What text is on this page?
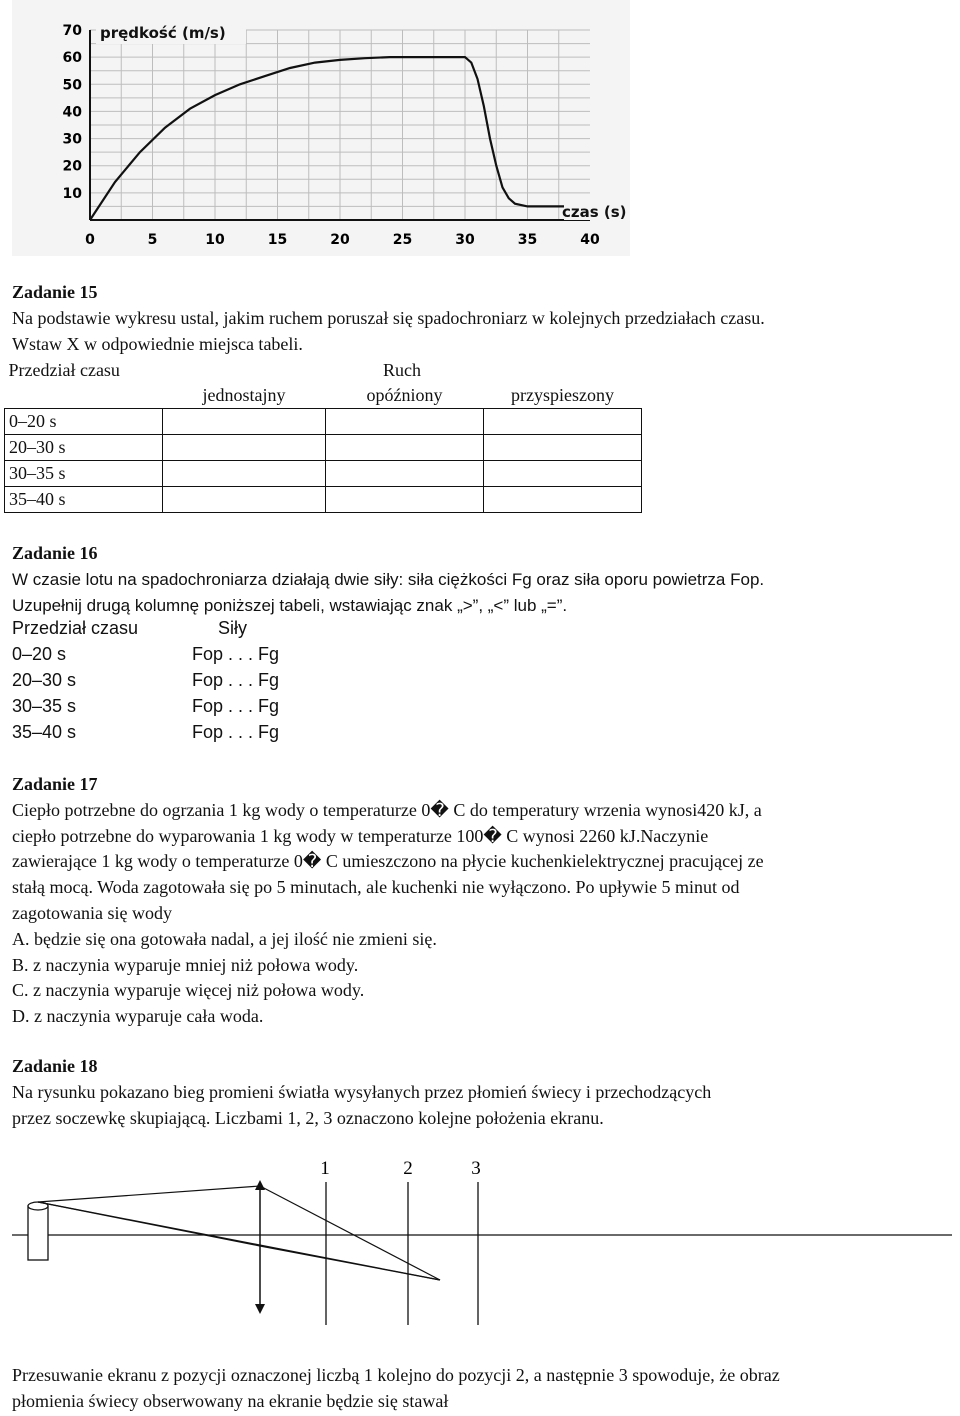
0	5	10	15	20	25	30	35	40
10
20
30
40
50
60
70 prędkość (m/s)
czas (s)
Zadanie 15
Na podstawie wykresu ustal, jakim ruchem poruszał się spadochroniarz w kolejnych przedziałach czasu.
Wstaw X w odpowiednie miejsca tabeli.
Przedział czasu	Ruch		
	jednostajny	opóźniony	przyspieszony
0–20 s			
20–30 s			
30–35 s			
35–40 s			
Zadanie 16
W czasie lotu na spadochroniarza działają dwie siły: siła ciężkości Fg oraz siła oporu powietrza Fop.
Uzupełnij drugą kolumnę poniższej tabeli, wstawiając znak „>”, „<” lub „=”.
Przedział czasu	Siły
0–20 s	Fop . . . Fg
20–30 s	Fop . . . Fg
30–35 s	Fop . . . Fg
35–40 s	Fop . . . Fg
Zadanie 17
Ciepło potrzebne do ogrzania 1 kg wody o temperaturze 0� C do temperatury wrzenia wynosi420 kJ, a
ciepło potrzebne do wyparowania 1 kg wody w temperaturze 100� C wynosi 2260 kJ.Naczynie
zawierające 1 kg wody o temperaturze 0� C umieszczono na płycie kuchenkielektrycznej pracującej ze
stałą mocą. Woda zagotowała się po 5 minutach, ale kuchenki nie wyłączono. Po upływie 5 minut od
zagotowania się wody
A. będzie się ona gotowała nadal, a jej ilość nie zmieni się.
B. z naczynia wyparuje mniej niż połowa wody.
C. z naczynia wyparuje więcej niż połowa wody.
D. z naczynia wyparuje cała woda.
Zadanie 18
Na rysunku pokazano bieg promieni światła wysyłanych przez płomień świecy i przechodzących
przez soczewkę skupiającą. Liczbami 1, 2, 3 oznaczono kolejne położenia ekranu.
1	2	3
Przesuwanie ekranu z pozycji oznaczonej liczbą 1 kolejno do pozycji 2, a następnie 3 spowoduje, że obraz
płomienia świecy obserwowany na ekranie będzie się stawał
